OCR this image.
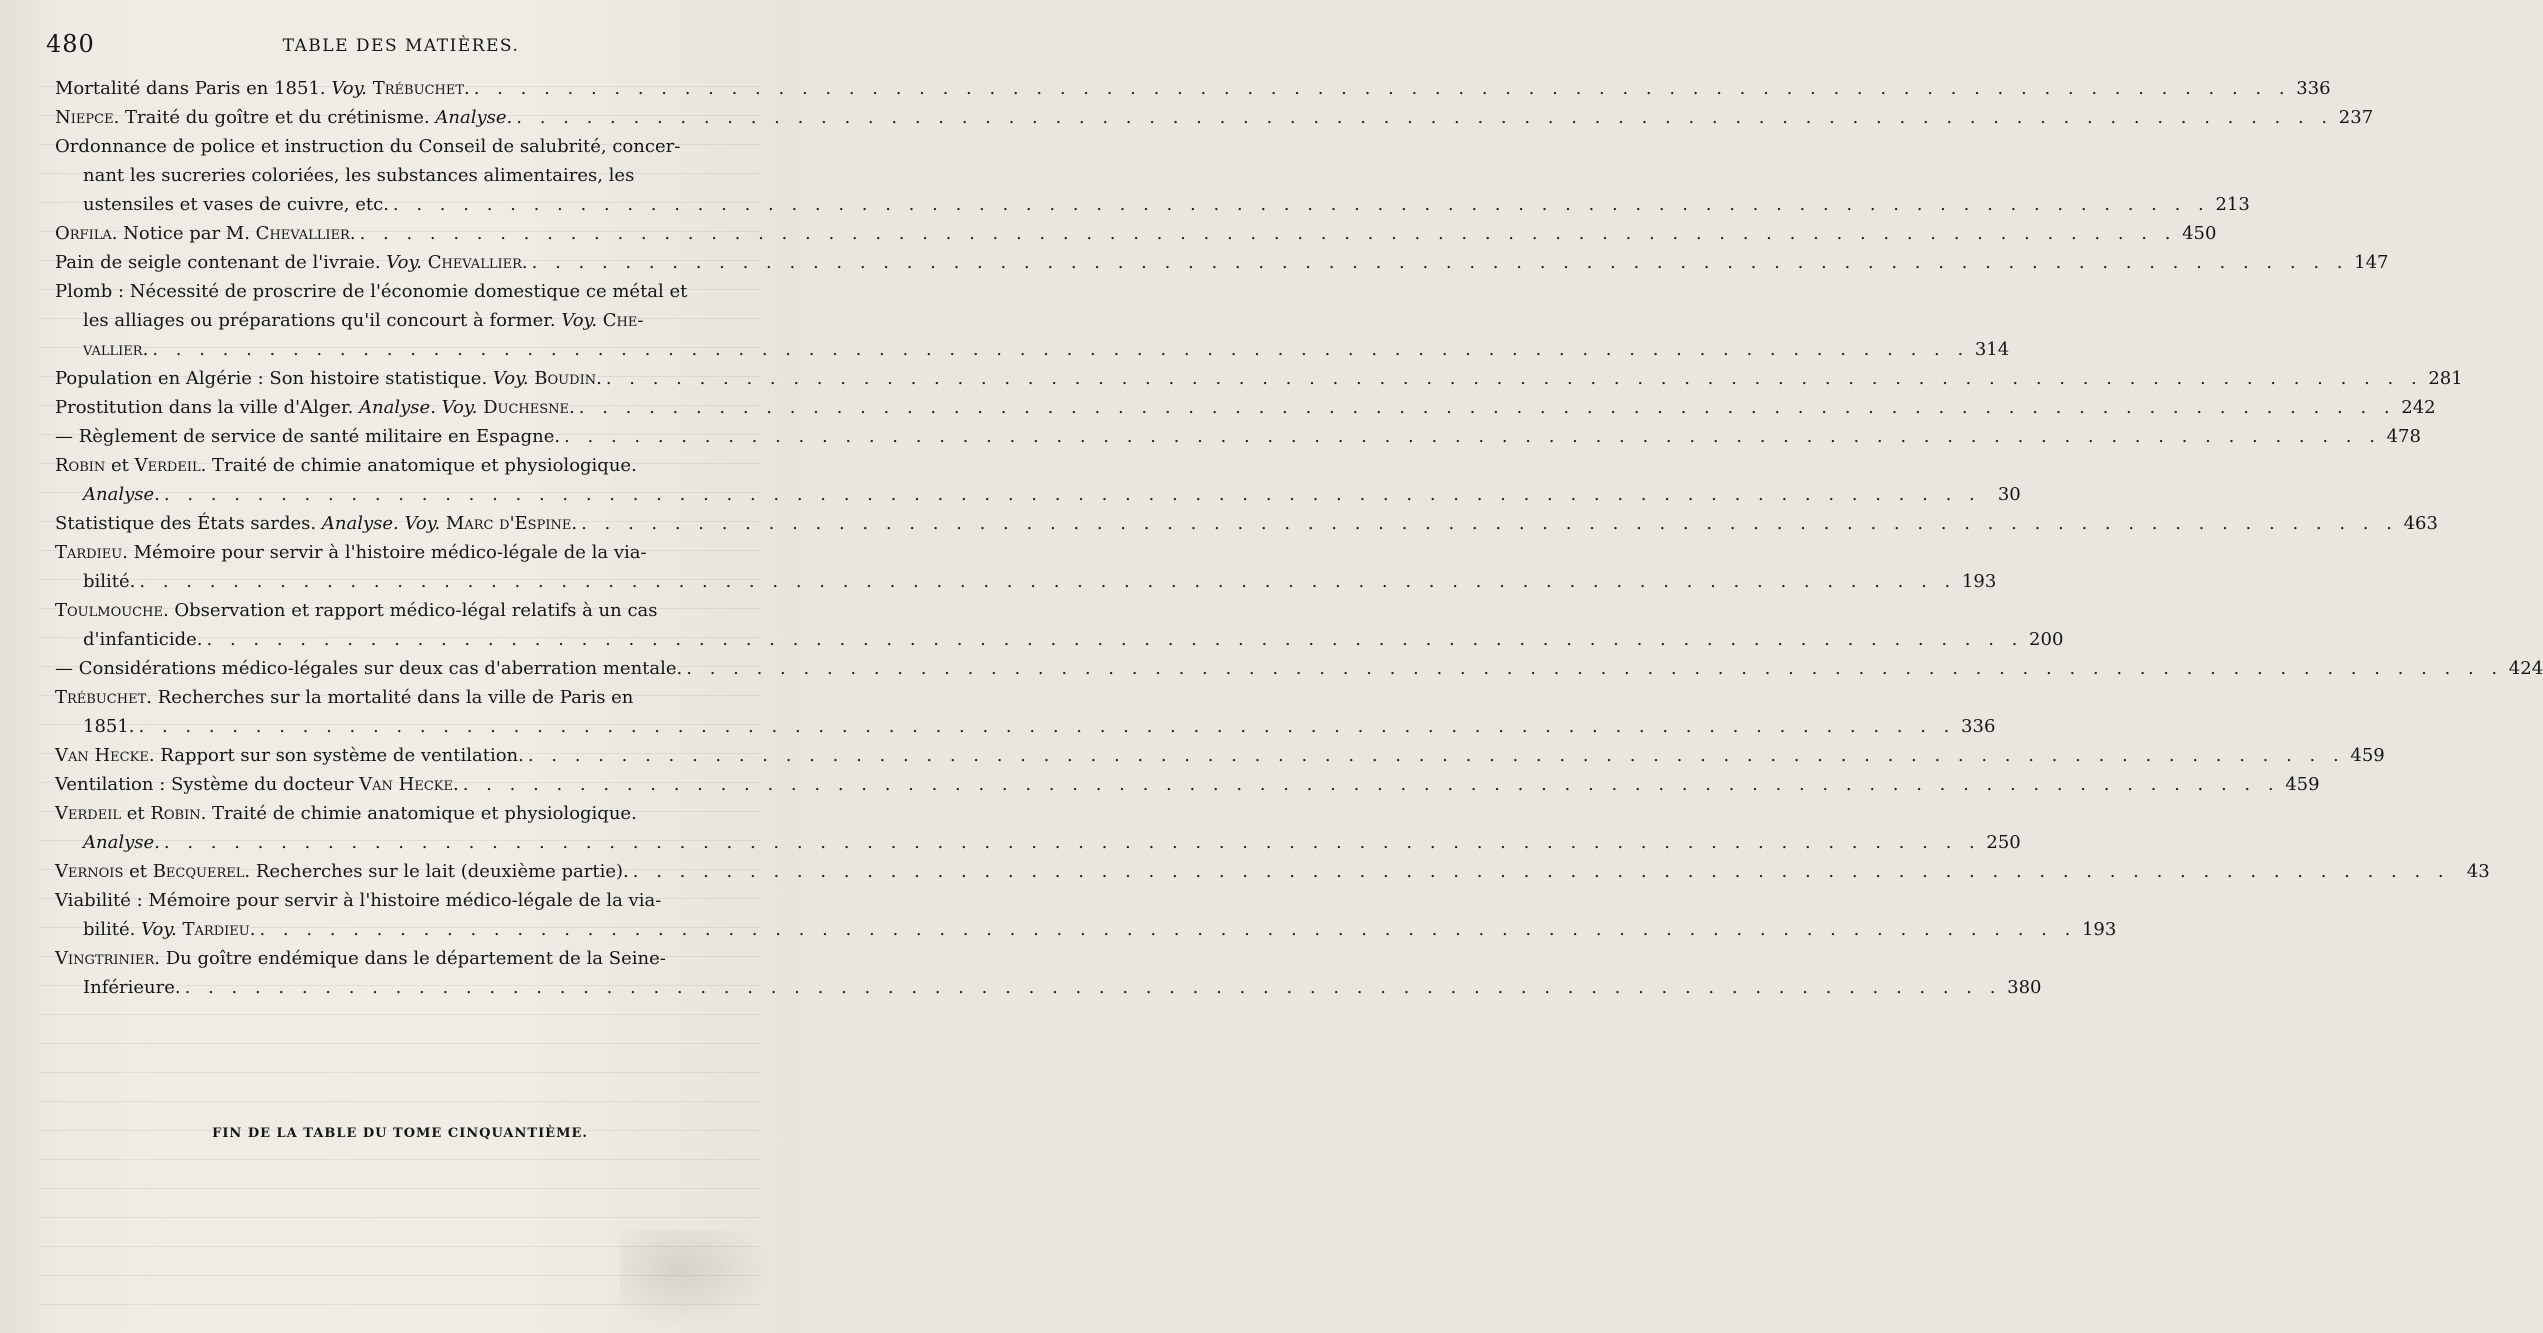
480	TABLE DES MATIÈRES.
Mortalité dans Paris en 1851. Voy. Trébuchet. . . .	336
Niepce. Traité du goître et du crétinisme. Analyse. . . .	237
Ordonnance de police et instruction du Conseil de salubrité, concer-
nant les sucreries coloriées, les substances alimentaires, les
ustensiles et vases de cuivre, etc. . . .	213
Orfila. Notice par M. Chevallier. . . .	450
Pain de seigle contenant de l'ivraie. Voy. Chevallier. . . .	147
Plomb : Nécessité de proscrire de l'économie domestique ce métal et
les alliages ou préparations qu'il concourt à former. Voy. Che-
vallier. . . .	314
Population en Algérie : Son histoire statistique. Voy. Boudin. . . .	281
Prostitution dans la ville d'Alger. Analyse. Voy. Duchesne. . . .	242
— Règlement de service de santé militaire en Espagne. . . .	478
Robin et Verdeil. Traité de chimie anatomique et physiologique.
Analyse. . . .	30
Statistique des États sardes. Analyse. Voy. Marc d'Espine. . . .	463
Tardieu. Mémoire pour servir à l'histoire médico-légale de la via-
bilité. . . .	193
Toulmouche. Observation et rapport médico-légal relatifs à un cas
d'infanticide. . . .	200
— Considérations médico-légales sur deux cas d'aberration mentale. . . .	424
Trébuchet. Recherches sur la mortalité dans la ville de Paris en
1851. . . .	336
Van Hecke. Rapport sur son système de ventilation. . . .	459
Ventilation : Système du docteur Van Hecke. . . .	459
Verdeil et Robin. Traité de chimie anatomique et physiologique.
Analyse. . . .	250
Vernois et Becquerel. Recherches sur le lait (deuxième partie). . . .	43
Viabilité : Mémoire pour servir à l'histoire médico-légale de la via-
bilité. Voy. Tardieu. . . .	193
Vingtrinier. Du goître endémique dans le département de la Seine-
Inférieure. . . .	380
FIN DE LA TABLE DU TOME CINQUANTIÈME.
